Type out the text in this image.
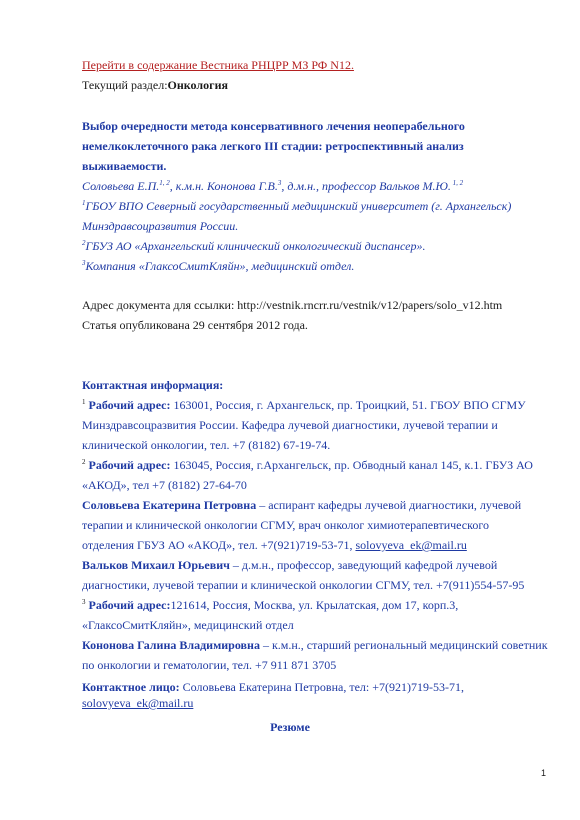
Перейти в содержание Вестника РНЦРР МЗ РФ N12.
Текущий раздел:Онкология
Выбор очередности метода консервативного лечения неоперабельного
немелкоклеточного рака легкого III стадии: ретроспективный анализ
выживаемости.
Соловьева Е.П.$^{1, 2}$, к.м.н. Кононова Г.В.$^3$, д.м.н., профессор Вальков М.Ю. $^{1, 2}$
$^1$ГБОУ ВПО Северный государственный медицинский университет (г. Архангельск)
Минздравсоцразвития России.
$^2$ГБУЗ АО «Архангельский клинический онкологический диспансер».
$^3$Компания «ГлаксоСмитКляйн», медицинский отдел.
Адрес документа для ссылки: http://vestnik.rncrr.ru/vestnik/v12/papers/solo_v12.htm
Статья опубликована 29 сентября 2012 года.
Контактная информация:
$^1$ Рабочий адрес: 163001, Россия, г. Архангельск, пр. Троицкий, 51. ГБОУ ВПО СГМУ
Минздравсоцразвития России. Кафедра лучевой диагностики, лучевой терапии и
клинической онкологии, тел. +7 (8182) 67-19-74.
$^2$ Рабочий адрес: 163045, Россия, г.Архангельск, пр. Обводный канал 145, к.1. ГБУЗ АО
«АКОД», тел +7 (8182) 27-64-70
Соловьева Екатерина Петровна – аспирант кафедры лучевой диагностики, лучевой
терапии и клинической онкологии СГМУ, врач онколог химиотерапевтического
отделения ГБУЗ АО «АКОД», тел. +7(921)719-53-71, solovyeva_ek@mail.ru
Вальков Михаил Юрьевич – д.м.н., профессор, заведующий кафедрой лучевой
диагностики, лучевой терапии и клинической онкологии СГМУ, тел. +7(911)554-57-95
$^3$ Рабочий адрес:121614, Россия, Москва, ул. Крылатская, дом 17, корп.3,
«ГлаксоСмитКляйн», медицинский отдел
Кононова Галина Владимировна – к.м.н., старший региональный медицинский советник
по онкологии и гематологии, тел. +7 911 871 3705
Контактное лицо: Соловьева Екатерина Петровна, тел: +7(921)719-53-71,
solovyeva_ek@mail.ru
Резюме
1
